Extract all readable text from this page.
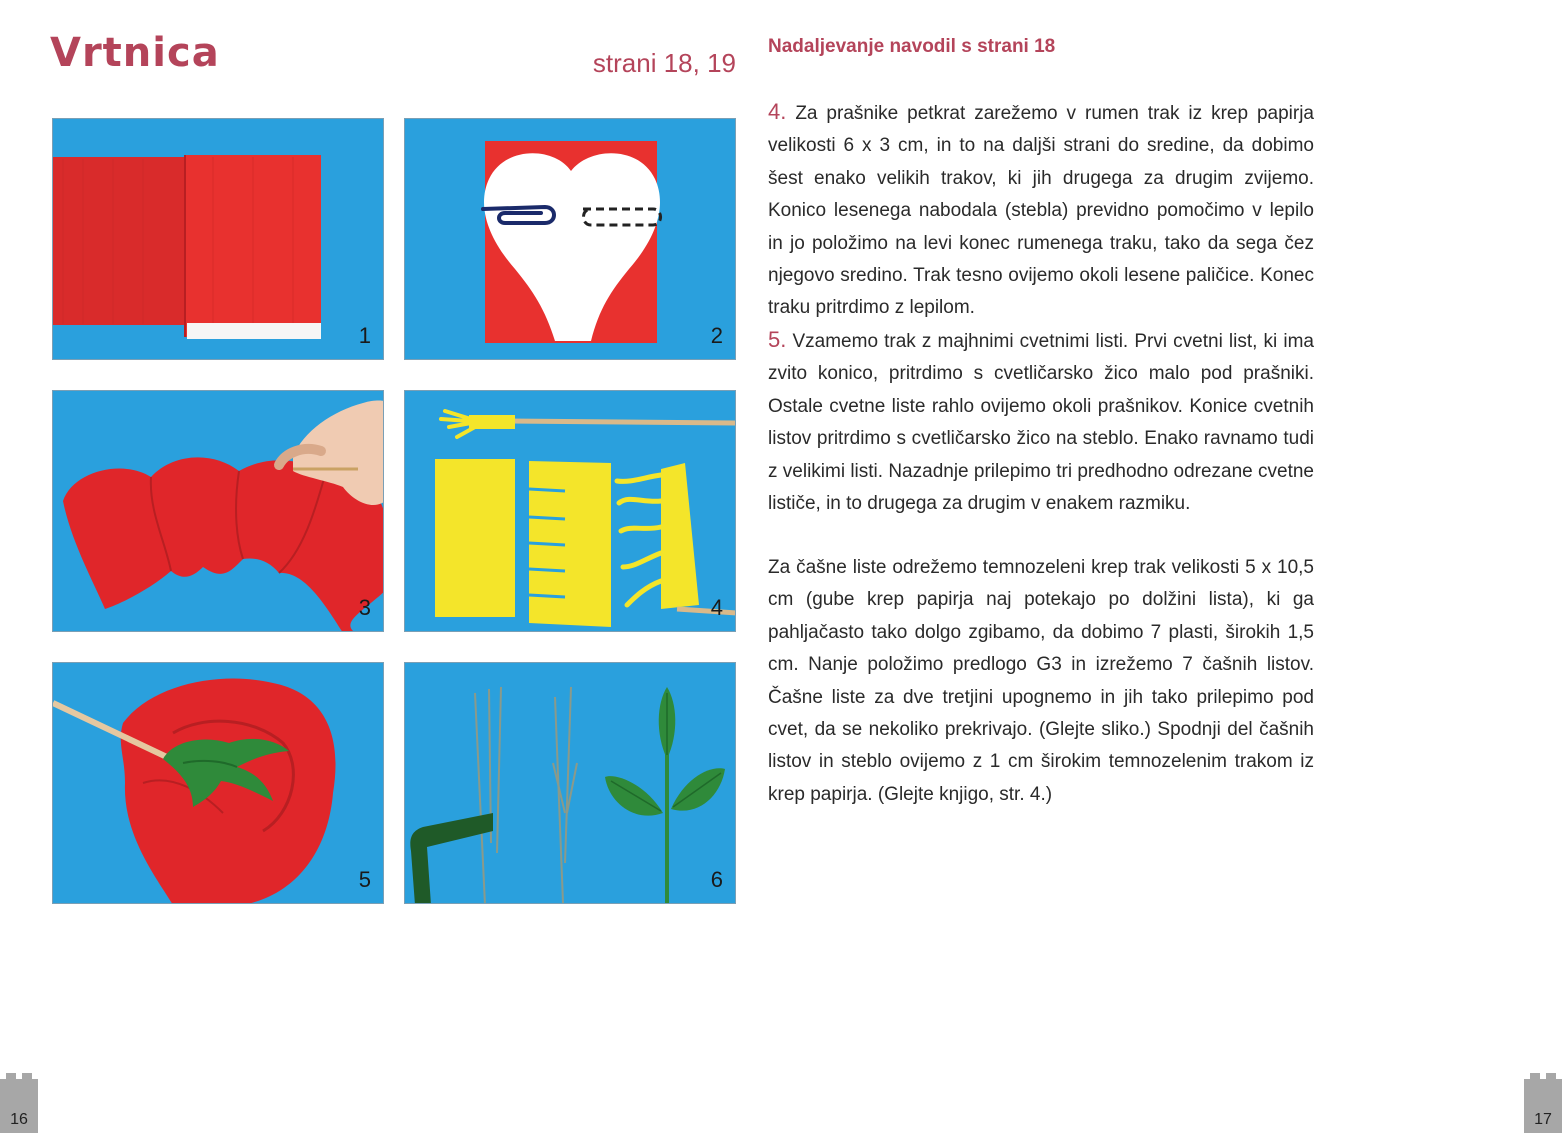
Vrtnica	strani 18, 19
1	2
3	4
5	6
16
Nadaljevanje navodil s strani 18
4. Za prašnike petkrat zarežemo v rumen trak iz krep papirja velikosti 6 x 3 cm, in to na daljši strani do sredine, da dobimo šest enako velikih trakov, ki jih drugega za drugim zvijemo. Konico lesenega nabodala (stebla) previdno pomočimo v lepilo in jo položimo na levi konec rumenega traku, tako da sega čez njegovo sredino. Trak tesno ovijemo okoli lesene paličice. Konec traku pritrdimo z lepilom.
5. Vzamemo trak z majhnimi cvetnimi listi. Prvi cvetni list, ki ima zvito konico, pritrdimo s cvetličarsko žico malo pod prašniki. Ostale cvetne liste rahlo ovijemo okoli prašnikov. Konice cvetnih listov pritrdimo s cvetličarsko žico na steblo. Enako ravnamo tudi z velikimi listi. Nazadnje prilepimo tri predhodno odrezane cvetne lističe, in to drugega za drugim v enakem razmiku.
Za čašne liste odrežemo temnozeleni krep trak velikosti 5 x 10,5 cm (gube krep papirja naj potekajo po dolžini lista), ki ga pahljačasto tako dolgo zgibamo, da dobimo 7 plasti, širokih 1,5 cm. Nanje položimo predlogo G3 in izrežemo 7 čašnih listov. Čašne liste za dve tretjini upognemo in jih tako prilepimo pod cvet, da se nekoliko prekrivajo. (Glejte sliko.) Spodnji del čašnih listov in steblo ovijemo z 1 cm širokim temnozelenim trakom iz krep papirja. (Glejte knjigo, str. 4.)
17
